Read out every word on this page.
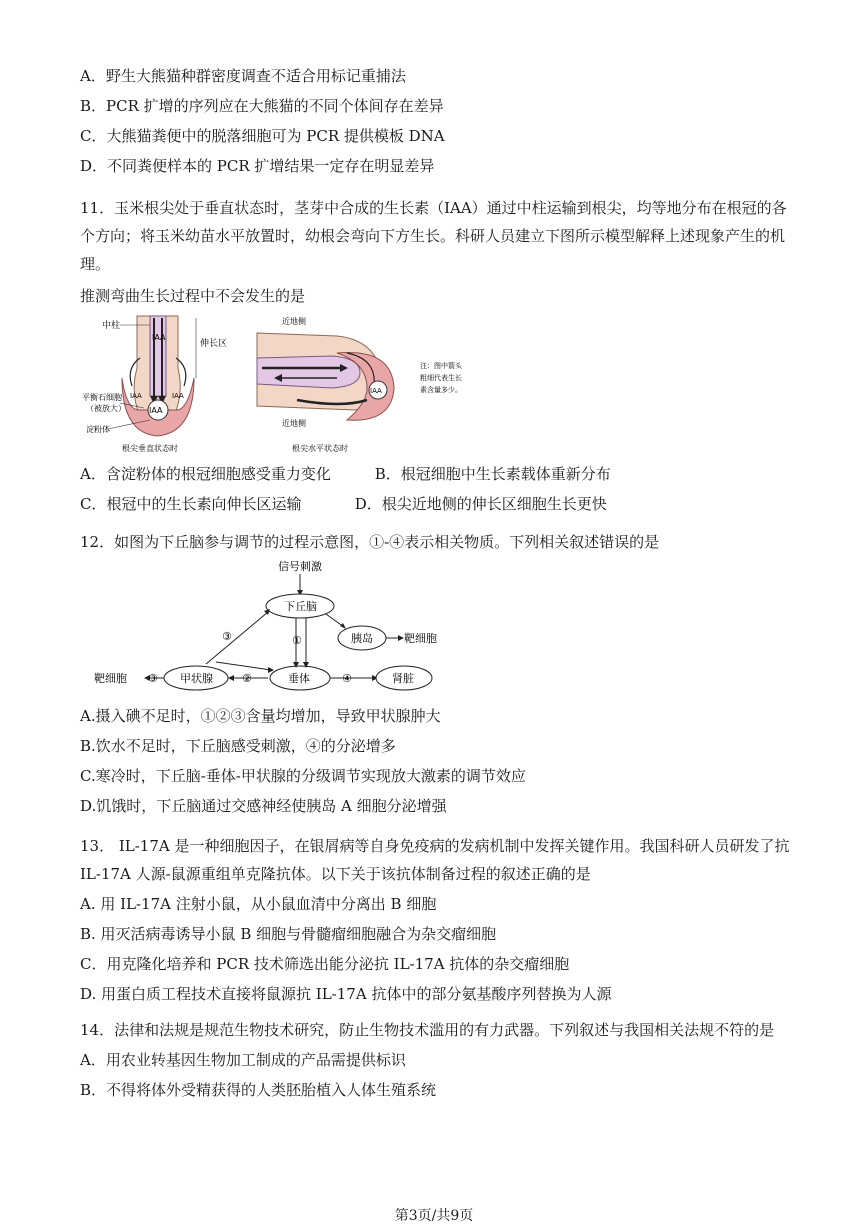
A．野生大熊猫种群密度调查不适合用标记重捕法
B．PCR 扩增的序列应在大熊猫的不同个体间存在差异
C．大熊猫粪便中的脱落细胞可为 PCR 提供模板 DNA
D．不同粪便样本的 PCR 扩增结果一定存在明显差异
11．玉米根尖处于垂直状态时，茎芽中合成的生长素（IAA）通过中柱运输到根尖，均等地分布在根冠的各个方向；将玉米幼苗水平放置时，幼根会弯向下方生长。科研人员建立下图所示模型解释上述现象产生的机理。
推测弯曲生长过程中不会发生的是
IAA
IAA
IAA	IAA
中柱
伸长区
平衡石细胞
（被放大）
淀粉体
根尖垂直状态时
IAA
近地侧
近地侧
根尖水平状态时
注：图中箭头
粗细代表生长
素含量多少。
A．含淀粉体的根冠细胞感受重力变化	B．根冠细胞中生长素载体重新分布
C．根冠中的生长素向伸长区运输	D．根尖近地侧的伸长区细胞生长更快
12．如图为下丘脑参与调节的过程示意图，①-④表示相关物质。下列相关叙述错误的是
信号刺激
下丘脑
胰岛	靶细胞
垂体
①
甲状腺	②
③
靶细胞
③
④	肾脏
A.摄入碘不足时，①②③含量均增加，导致甲状腺肿大
B.饮水不足时，下丘脑感受刺激，④的分泌增多
C.寒冷时，下丘脑-垂体-甲状腺的分级调节实现放大激素的调节效应
D.饥饿时，下丘脑通过交感神经使胰岛 A 细胞分泌增强
13． IL-17A 是一种细胞因子，在银屑病等自身免疫病的发病机制中发挥关键作用。我国科研人员研发了抗 IL-17A 人源-鼠源重组单克隆抗体。以下关于该抗体制备过程的叙述正确的是
A. 用 IL-17A 注射小鼠，从小鼠血清中分离出 B 细胞
B. 用灭活病毒诱导小鼠 B 细胞与骨髓瘤细胞融合为杂交瘤细胞
C．用克隆化培养和 PCR 技术筛选出能分泌抗 IL-17A 抗体的杂交瘤细胞
D. 用蛋白质工程技术直接将鼠源抗 IL-17A 抗体中的部分氨基酸序列替换为人源
14．法律和法规是规范生物技术研究，防止生物技术滥用的有力武器。下列叙述与我国相关法规不符的是
A．用农业转基因生物加工制成的产品需提供标识
B．不得将体外受精获得的人类胚胎植入人体生殖系统
第3页/共9页
